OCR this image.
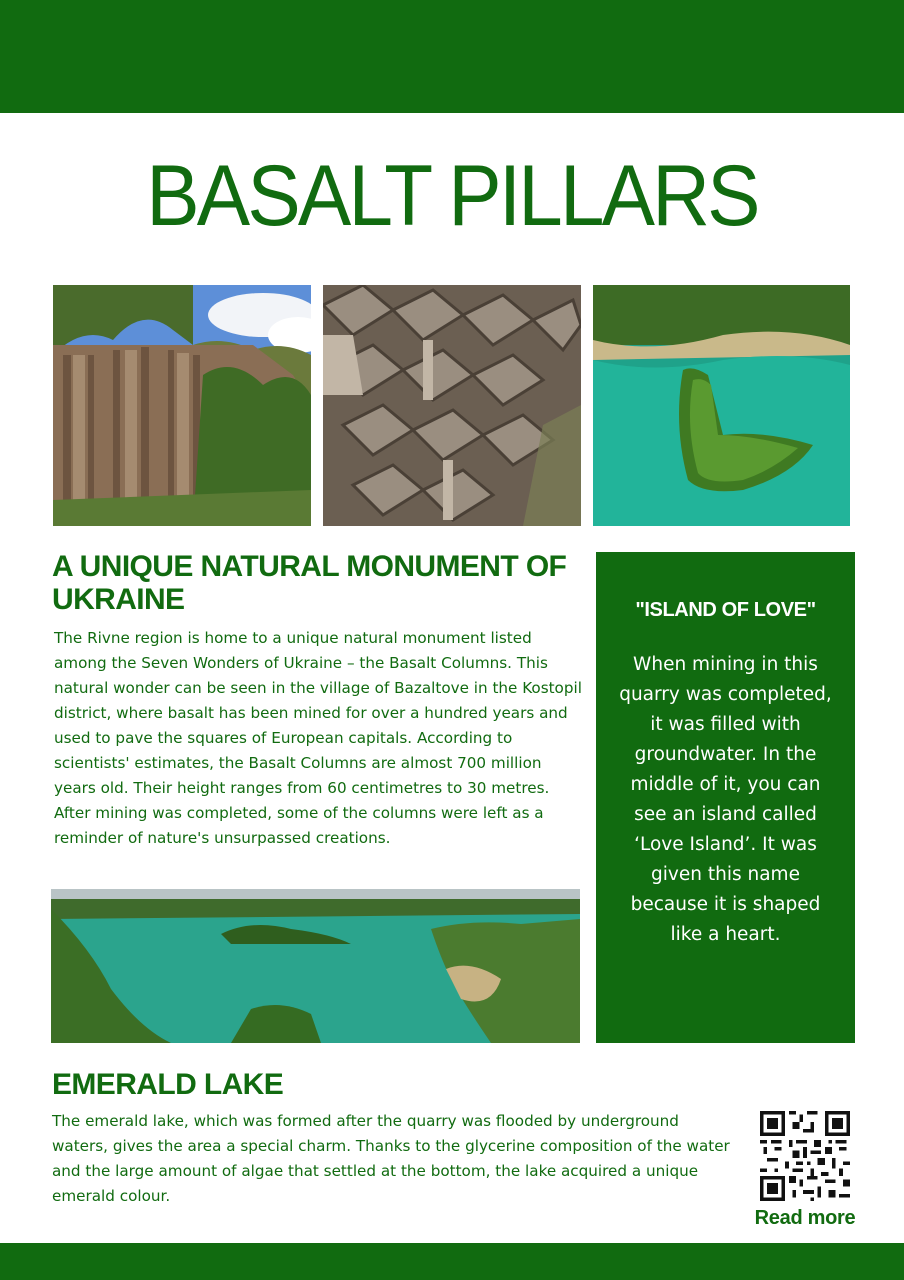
BASALT PILLARS
A UNIQUE NATURAL MONUMENT OF UKRAINE
The Rivne region is home to a unique natural monument listed among the Seven Wonders of Ukraine – the Basalt Columns. This natural wonder can be seen in the village of Bazaltove in the Kostopil district, where basalt has been mined for over a hundred years and used to pave the squares of European capitals. According to scientists' estimates, the Basalt Columns are almost 700 million years old. Their height ranges from 60 centimetres to 30 metres. After mining was completed, some of the columns were left as a reminder of nature's unsurpassed creations.
"ISLAND OF LOVE"
When mining in this quarry was completed, it was filled with groundwater. In the middle of it, you can see an island called ‘Love Island’. It was given this name because it is shaped like a heart.
EMERALD LAKE
The emerald lake, which was formed after the quarry was flooded by underground waters, gives the area a special charm. Thanks to the glycerine composition of the water and the large amount of algae that settled at the bottom, the lake acquired a unique emerald colour.
Read more
